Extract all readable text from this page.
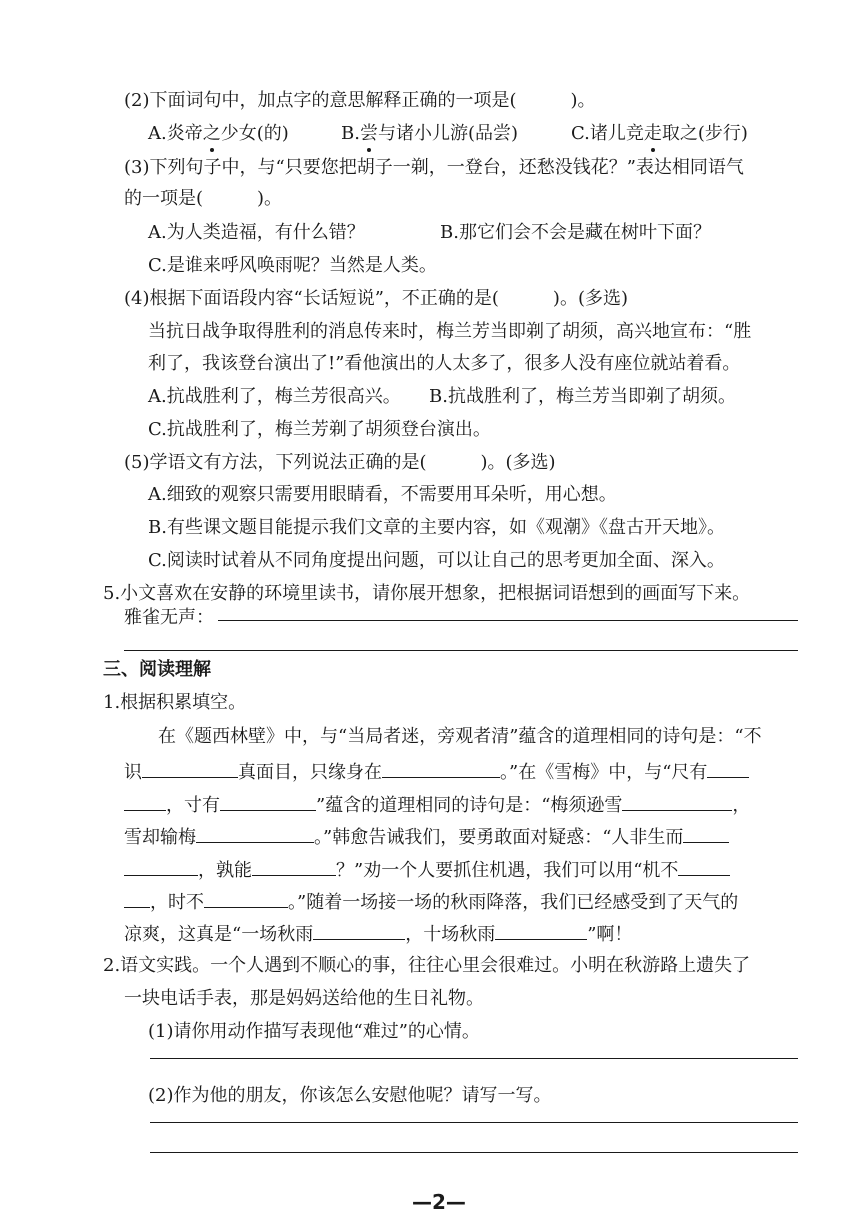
(2)下面词句中，加点字的意思解释正确的一项是(　　　)。
A.炎帝之少女(的)	B.尝与诸小儿游(品尝)	C.诸儿竞走取之(步行)
(3)下列句子中，与“只要您把胡子一剃，一登台，还愁没钱花？”表达相同语气
的一项是(　　　)。
A.为人类造福，有什么错？	B.那它们会不会是藏在树叶下面？
C.是谁来呼风唤雨呢？当然是人类。
(4)根据下面语段内容“长话短说”，不正确的是(　　　)。(多选)
当抗日战争取得胜利的消息传来时，梅兰芳当即剃了胡须，高兴地宣布：“胜
利了，我该登台演出了!”看他演出的人太多了，很多人没有座位就站着看。
A.抗战胜利了，梅兰芳很高兴。 B.抗战胜利了，梅兰芳当即剃了胡须。
C.抗战胜利了，梅兰芳剃了胡须登台演出。
(5)学语文有方法，下列说法正确的是(　　　)。(多选)
A.细致的观察只需要用眼睛看，不需要用耳朵听，用心想。
B.有些课文题目能提示我们文章的主要内容，如《观潮》《盘古开天地》。
C.阅读时试着从不同角度提出问题，可以让自己的思考更加全面、深入。
5.小文喜欢在安静的环境里读书，请你展开想象，把根据词语想到的画面写下来。
雅雀无声：
三、阅读理解
1.根据积累填空。
在《题西林壁》中，与“当局者迷，旁观者清”蕴含的道理相同的诗句是：“不
识	真面目，只缘身在	。”在《雪梅》中，与“尺有
，寸有	”蕴含的道理相同的诗句是：“梅须逊雪	，
雪却输梅	。”韩愈告诫我们，要勇敢面对疑惑：“人非生而
，孰能	？”劝一个人要抓住机遇，我们可以用“机不
，时不	。”随着一场接一场的秋雨降落，我们已经感受到了天气的
凉爽，这真是“一场秋雨	，十场秋雨	”啊！
2.语文实践。一个人遇到不顺心的事，往往心里会很难过。小明在秋游路上遗失了
一块电话手表，那是妈妈送给他的生日礼物。
(1)请你用动作描写表现他“难过”的心情。
(2)作为他的朋友，你该怎么安慰他呢？请写一写。
—2—
